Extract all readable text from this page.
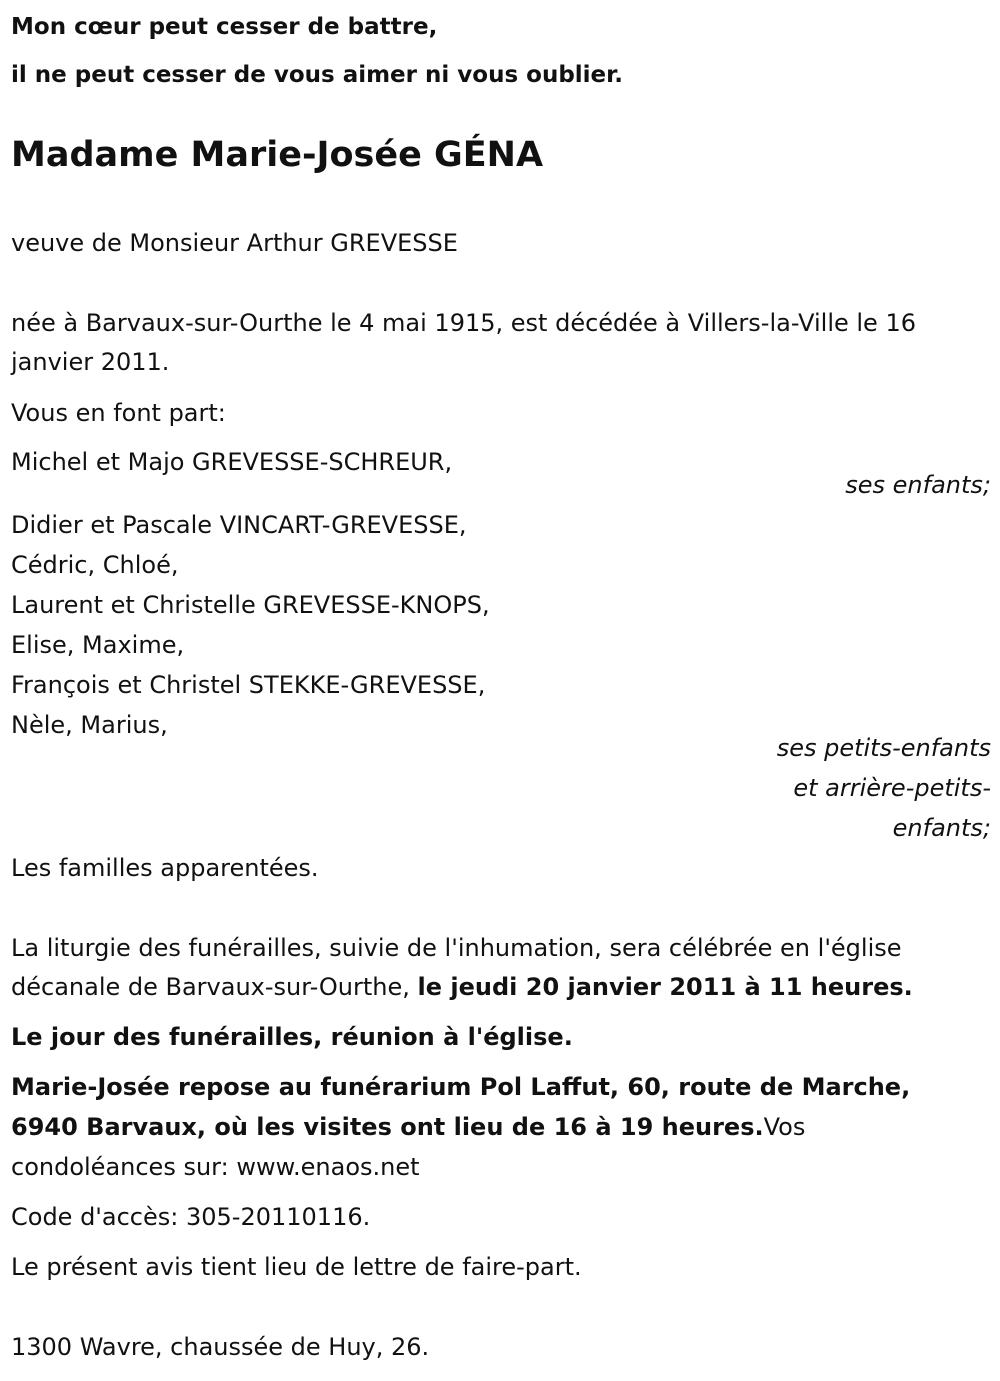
Mon cœur peut cesser de battre,
il ne peut cesser de vous aimer ni vous oublier.
Madame Marie-Josée GÉNA
veuve de Monsieur Arthur GREVESSE
née à Barvaux-sur-Ourthe le 4 mai 1915, est décédée à Villers-la-Ville le 16
janvier 2011.
Vous en font part:
Michel et Majo GREVESSE-SCHREUR,
ses enfants;
Didier et Pascale VINCART-GREVESSE,
Cédric, Chloé,
Laurent et Christelle GREVESSE-KNOPS,
Elise, Maxime,
François et Christel STEKKE-GREVESSE,
Nèle, Marius,
ses petits-enfants
et arrière-petits-
enfants;
Les familles apparentées.
La liturgie des funérailles, suivie de l'inhumation, sera célébrée en l'église
décanale de Barvaux-sur-Ourthe, le jeudi 20 janvier 2011 à 11 heures.
Le jour des funérailles, réunion à l'église.
Marie-Josée repose au funérarium Pol Laffut, 60, route de Marche,
6940 Barvaux, où les visites ont lieu de 16 à 19 heures.Vos
condoléances sur: www.enaos.net
Code d'accès: 305-20110116.
Le présent avis tient lieu de lettre de faire-part.
1300 Wavre, chaussée de Huy, 26.
